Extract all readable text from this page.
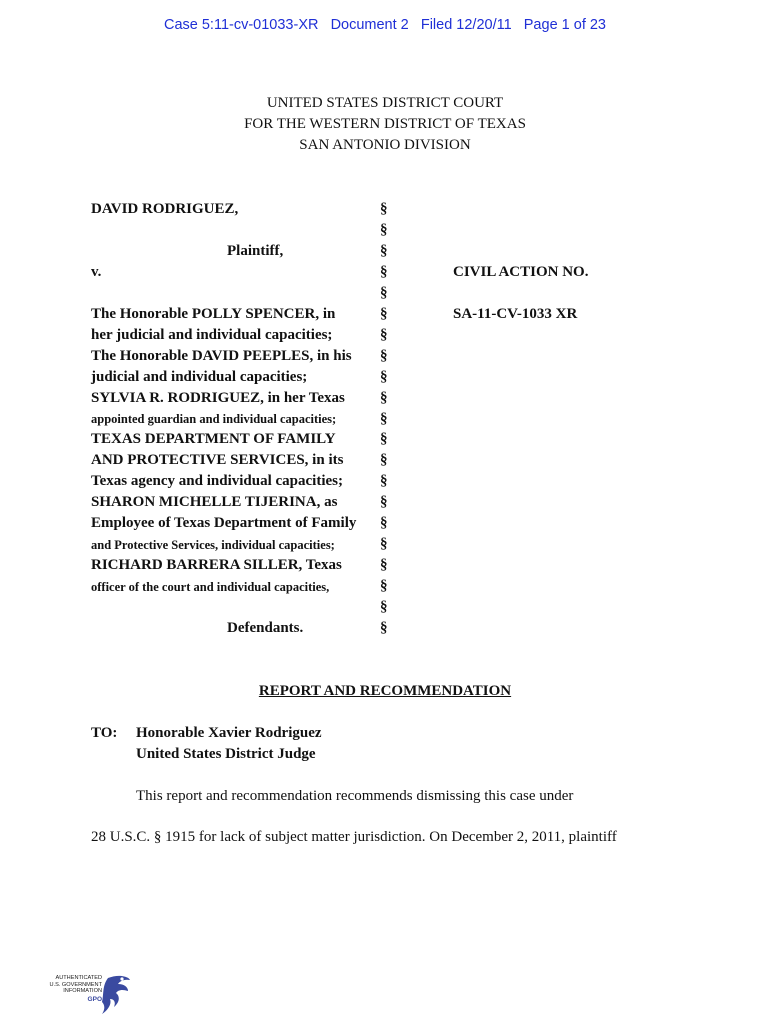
Case 5:11-cv-01033-XR Document 2 Filed 12/20/11 Page 1 of 23
UNITED STATES DISTRICT COURT
FOR THE WESTERN DISTRICT OF TEXAS
SAN ANTONIO DIVISION
DAVID RODRIGUEZ,
Plaintiff,
v.
The Honorable POLLY SPENCER, in
her judicial and individual capacities;
The Honorable DAVID PEEPLES, in his
judicial and individual capacities;
SYLVIA R. RODRIGUEZ, in her Texas
appointed guardian and individual capacities;
TEXAS DEPARTMENT OF FAMILY
AND PROTECTIVE SERVICES, in its
Texas agency and individual capacities;
SHARON MICHELLE TIJERINA, as
Employee of Texas Department of Family
and Protective Services, individual capacities;
RICHARD BARRERA SILLER, Texas
officer of the court and individual capacities,
Defendants.
§
§
§
§
§
§
§
§
§
§
§
§
§
§
§
§
§
§
§
§
§
CIVIL ACTION NO.
SA-11-CV-1033 XR
REPORT AND RECOMMENDATION
TO: Honorable Xavier Rodriguez
United States District Judge
This report and recommendation recommends dismissing this case under
28 U.S.C. § 1915 for lack of subject matter jurisdiction. On December 2, 2011, plaintiff
AUTHENTICATED
U.S. GOVERNMENT
INFORMATION
GPO
